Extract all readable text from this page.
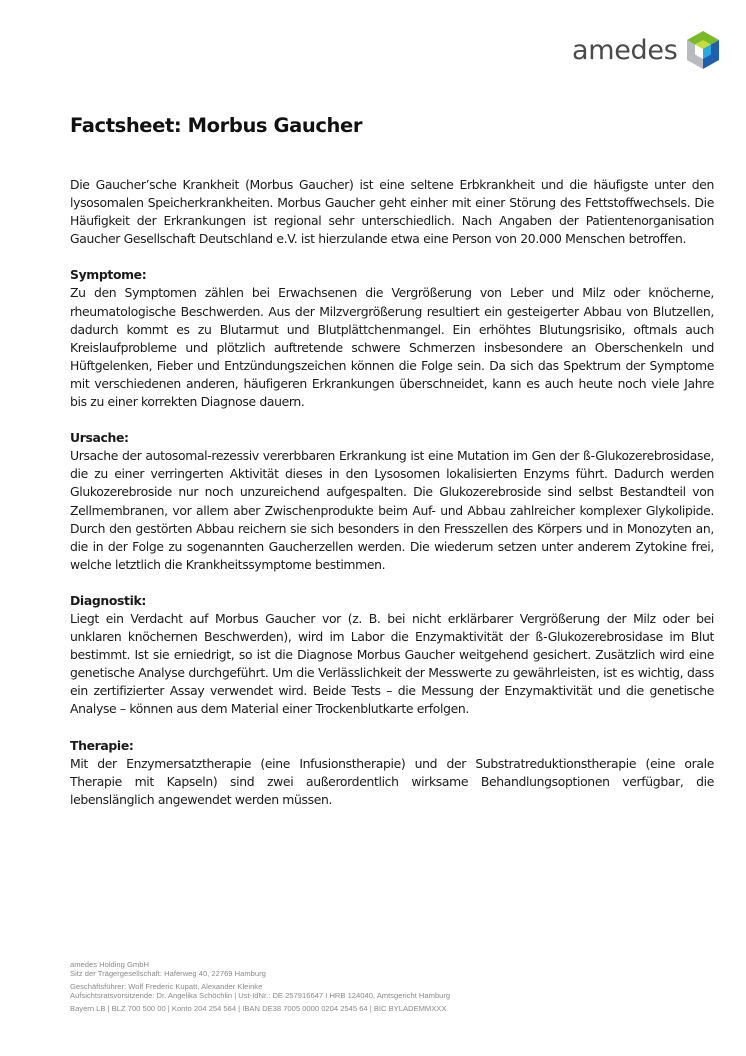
amedes
Factsheet: Morbus Gaucher

Die Gaucher’sche Krankheit (Morbus Gaucher) ist eine seltene Erbkrankheit und die häufigste unter den lysosomalen Speicherkrankheiten. Morbus Gaucher geht einher mit einer Störung des Fettstoffwechsels. Die Häufigkeit der Erkrankungen ist regional sehr unterschiedlich. Nach Angaben der Patientenorganisation Gaucher Gesellschaft Deutschland e.V. ist hierzulande etwa eine Person von 20.000 Menschen betroffen.

Symptome:

Zu den Symptomen zählen bei Erwachsenen die Vergrößerung von Leber und Milz oder knöcherne, rheumatologische Beschwerden. Aus der Milzvergrößerung resultiert ein gesteigerter Abbau von Blutzellen, dadurch kommt es zu Blutarmut und Blutplättchenmangel. Ein erhöhtes Blutungsrisiko, oftmals auch Kreislaufprobleme und plötzlich auftretende schwere Schmerzen insbesondere an Oberschenkeln und Hüftgelenken, Fieber und Entzündungszeichen können die Folge sein. Da sich das Spektrum der Symptome mit verschiedenen anderen, häufigeren Erkrankungen überschneidet, kann es auch heute noch viele Jahre bis zu einer korrekten Diagnose dauern.

Ursache:

Ursache der autosomal-rezessiv vererbbaren Erkrankung ist eine Mutation im Gen der ß-Glukozerebrosidase, die zu einer verringerten Aktivität dieses in den Lysosomen lokalisierten Enzyms führt. Dadurch werden Glukozerebroside nur noch unzureichend aufgespalten. Die Glukozerebroside sind selbst Bestandteil von Zellmembranen, vor allem aber Zwischenprodukte beim Auf- und Abbau zahlreicher komplexer Glykolipide. Durch den gestörten Abbau reichern sie sich besonders in den Fresszellen des Körpers und in Monozyten an, die in der Folge zu sogenannten Gaucherzellen werden. Die wiederum setzen unter anderem Zytokine frei, welche letztlich die Krankheitssymptome bestimmen.

Diagnostik:

Liegt ein Verdacht auf Morbus Gaucher vor (z. B. bei nicht erklärbarer Vergrößerung der Milz oder bei unklaren knöchernen Beschwerden), wird im Labor die Enzymaktivität der ß-Glukozerebrosidase im Blut bestimmt. Ist sie erniedrigt, so ist die Diagnose Morbus Gaucher weitgehend gesichert. Zusätzlich wird eine genetische Analyse durchgeführt. Um die Verlässlichkeit der Messwerte zu gewährleisten, ist es wichtig, dass ein zertifizierter Assay verwendet wird. Beide Tests – die Messung der Enzymaktivität und die genetische Analyse – können aus dem Material einer Trockenblutkarte erfolgen.

Therapie:

Mit der Enzymersatztherapie (eine Infusionstherapie) und der Substratreduktionstherapie (eine orale Therapie mit Kapseln) sind zwei außerordentlich wirksame Behandlungsoptionen verfügbar, die lebenslänglich angewendet werden müssen.

amedes Holding GmbH
Sitz der Trägergesellschaft: Haferweg 40, 22769 Hamburg
Geschäftsführer: Wolf Frederic Kupatt, Alexander Kleinke
Aufsichtsratsvorsitzende: Dr. Angelika Schöchlin | Ust-IdNr.: DE 257916647 I HRB 124040, Amtsgericht Hamburg
Bayern LB | BLZ 700 500 00 | Konto 204 254 564 | IBAN DE38 7005 0000 0204 2545 64 | BIC BYLADEMMXXX
